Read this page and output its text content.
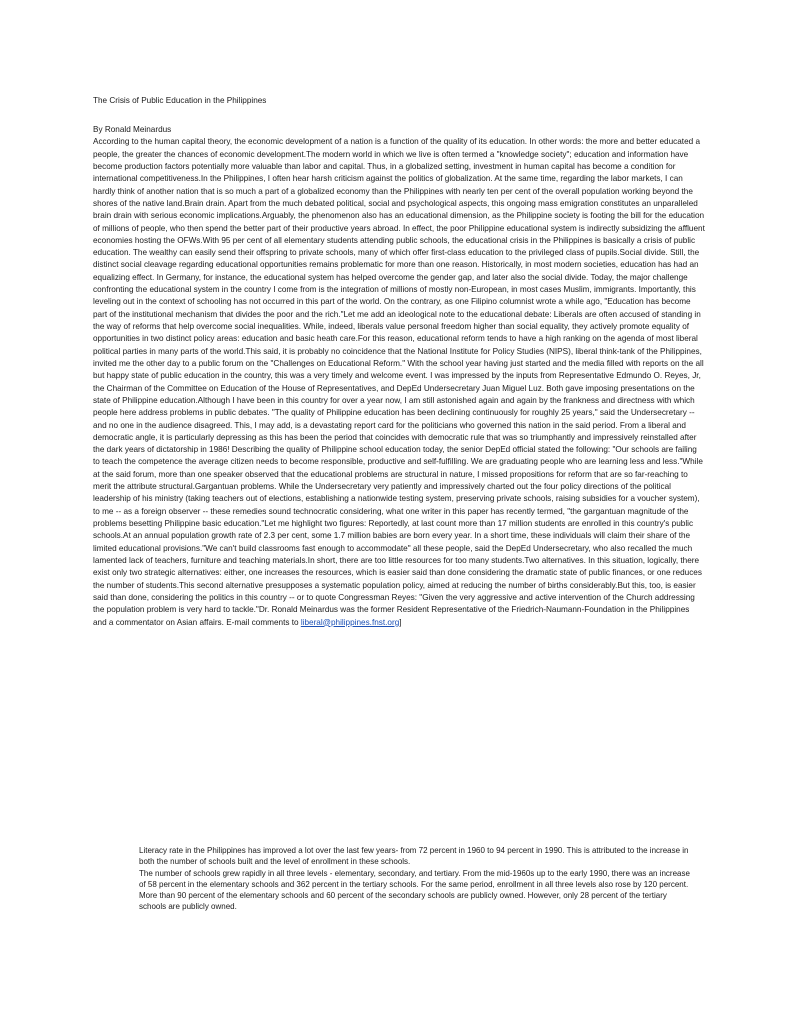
The Crisis of Public Education in the Philippines
By Ronald Meinardus
According to the human capital theory, the economic development of a nation is a function of the quality of its education. In other words: the more and better educated a people, the greater the chances of economic development.The modern world in which we live is often termed a "knowledge society"; education and information have become production factors potentially more valuable than labor and capital. Thus, in a globalized setting, investment in human capital has become a condition for international competitiveness.In the Philippines, I often hear harsh criticism against the politics of globalization. At the same time, regarding the labor markets, I can hardly think of another nation that is so much a part of a globalized economy than the Philippines with nearly ten per cent of the overall population working beyond the shores of the native land.Brain drain. Apart from the much debated political, social and psychological aspects, this ongoing mass emigration constitutes an unparalleled brain drain with serious economic implications.Arguably, the phenomenon also has an educational dimension, as the Philippine society is footing the bill for the education of millions of people, who then spend the better part of their productive years abroad. In effect, the poor Philippine educational system is indirectly subsidizing the affluent economies hosting the OFWs.With 95 per cent of all elementary students attending public schools, the educational crisis in the Philippines is basically a crisis of public education. The wealthy can easily send their offspring to private schools, many of which offer first-class education to the privileged class of pupils.Social divide. Still, the distinct social cleavage regarding educational opportunities remains problematic for more than one reason. Historically, in most modern societies, education has had an equalizing effect. In Germany, for instance, the educational system has helped overcome the gender gap, and later also the social divide. Today, the major challenge confronting the educational system in the country I come from is the integration of millions of mostly non-European, in most cases Muslim, immigrants. Importantly, this leveling out in the context of schooling has not occurred in this part of the world. On the contrary, as one Filipino columnist wrote a while ago, "Education has become part of the institutional mechanism that divides the poor and the rich."Let me add an ideological note to the educational debate: Liberals are often accused of standing in the way of reforms that help overcome social inequalities. While, indeed, liberals value personal freedom higher than social equality, they actively promote equality of opportunities in two distinct policy areas: education and basic heath care.For this reason, educational reform tends to have a high ranking on the agenda of most liberal political parties in many parts of the world.This said, it is probably no coincidence that the National Institute for Policy Studies (NIPS), liberal think-tank of the Philippines, invited me the other day to a public forum on the "Challenges on Educational Reform." With the school year having just started and the media filled with reports on the all but happy state of public education in the country, this was a very timely and welcome event. I was impressed by the inputs from Representative Edmundo O. Reyes, Jr, the Chairman of the Committee on Education of the House of Representatives, and DepEd Undersecretary Juan Miguel Luz. Both gave imposing presentations on the state of Philippine education.Although I have been in this country for over a year now, I am still astonished again and again by the frankness and directness with which people here address problems in public debates. "The quality of Philippine education has been declining continuously for roughly 25 years," said the Undersecretary -- and no one in the audience disagreed. This, I may add, is a devastating report card for the politicians who governed this nation in the said period. From a liberal and democratic angle, it is particularly depressing as this has been the period that coincides with democratic rule that was so triumphantly and impressively reinstalled after the dark years of dictatorship in 1986! Describing the quality of Philippine school education today, the senior DepEd official stated the following: "Our schools are failing to teach the competence the average citizen needs to become responsible, productive and self-fulfilling. We are graduating people who are learning less and less."While at the said forum, more than one speaker observed that the educational problems are structural in nature, I missed propositions for reform that are so far-reaching to merit the attribute structural.Gargantuan problems. While the Undersecretary very patiently and impressively charted out the four policy directions of the political leadership of his ministry (taking teachers out of elections, establishing a nationwide testing system, preserving private schools, raising subsidies for a voucher system), to me -- as a foreign observer -- these remedies sound technocratic considering, what one writer in this paper has recently termed, "the gargantuan magnitude of the problems besetting Philippine basic education."Let me highlight two figures: Reportedly, at last count more than 17 million students are enrolled in this country's public schools.At an annual population growth rate of 2.3 per cent, some 1.7 million babies are born every year. In a short time, these individuals will claim their share of the limited educational provisions."We can't build classrooms fast enough to accommodate" all these people, said the DepEd Undersecretary, who also recalled the much lamented lack of teachers, furniture and teaching materials.In short, there are too little resources for too many students.Two alternatives. In this situation, logically, there exist only two strategic alternatives: either, one increases the resources, which is easier said than done considering the dramatic state of public finances, or one reduces the number of students.This second alternative presupposes a systematic population policy, aimed at reducing the number of births considerably.But this, too, is easier said than done, considering the politics in this country -- or to quote Congressman Reyes: "Given the very aggressive and active intervention of the Church addressing the population problem is very hard to tackle."Dr. Ronald Meinardus was the former Resident Representative of the Friedrich-Naumann-Foundation in the Philippines and a commentator on Asian affairs. E-mail comments to liberal@philippines.fnst.org]

Literacy rate in the Philippines has improved a lot over the last few years- from 72 percent in 1960 to 94 percent in 1990. This is attributed to the increase in both the number of schools built and the level of enrollment in these schools.

The number of schools grew rapidly in all three levels - elementary, secondary, and tertiary. From the mid-1960s up to the early 1990, there was an increase of 58 percent in the elementary schools and 362 percent in the tertiary schools. For the same period, enrollment in all three levels also rose by 120 percent. More than 90 percent of the elementary schools and 60 percent of the secondary schools are publicly owned. However, only 28 percent of the tertiary schools are publicly owned.
